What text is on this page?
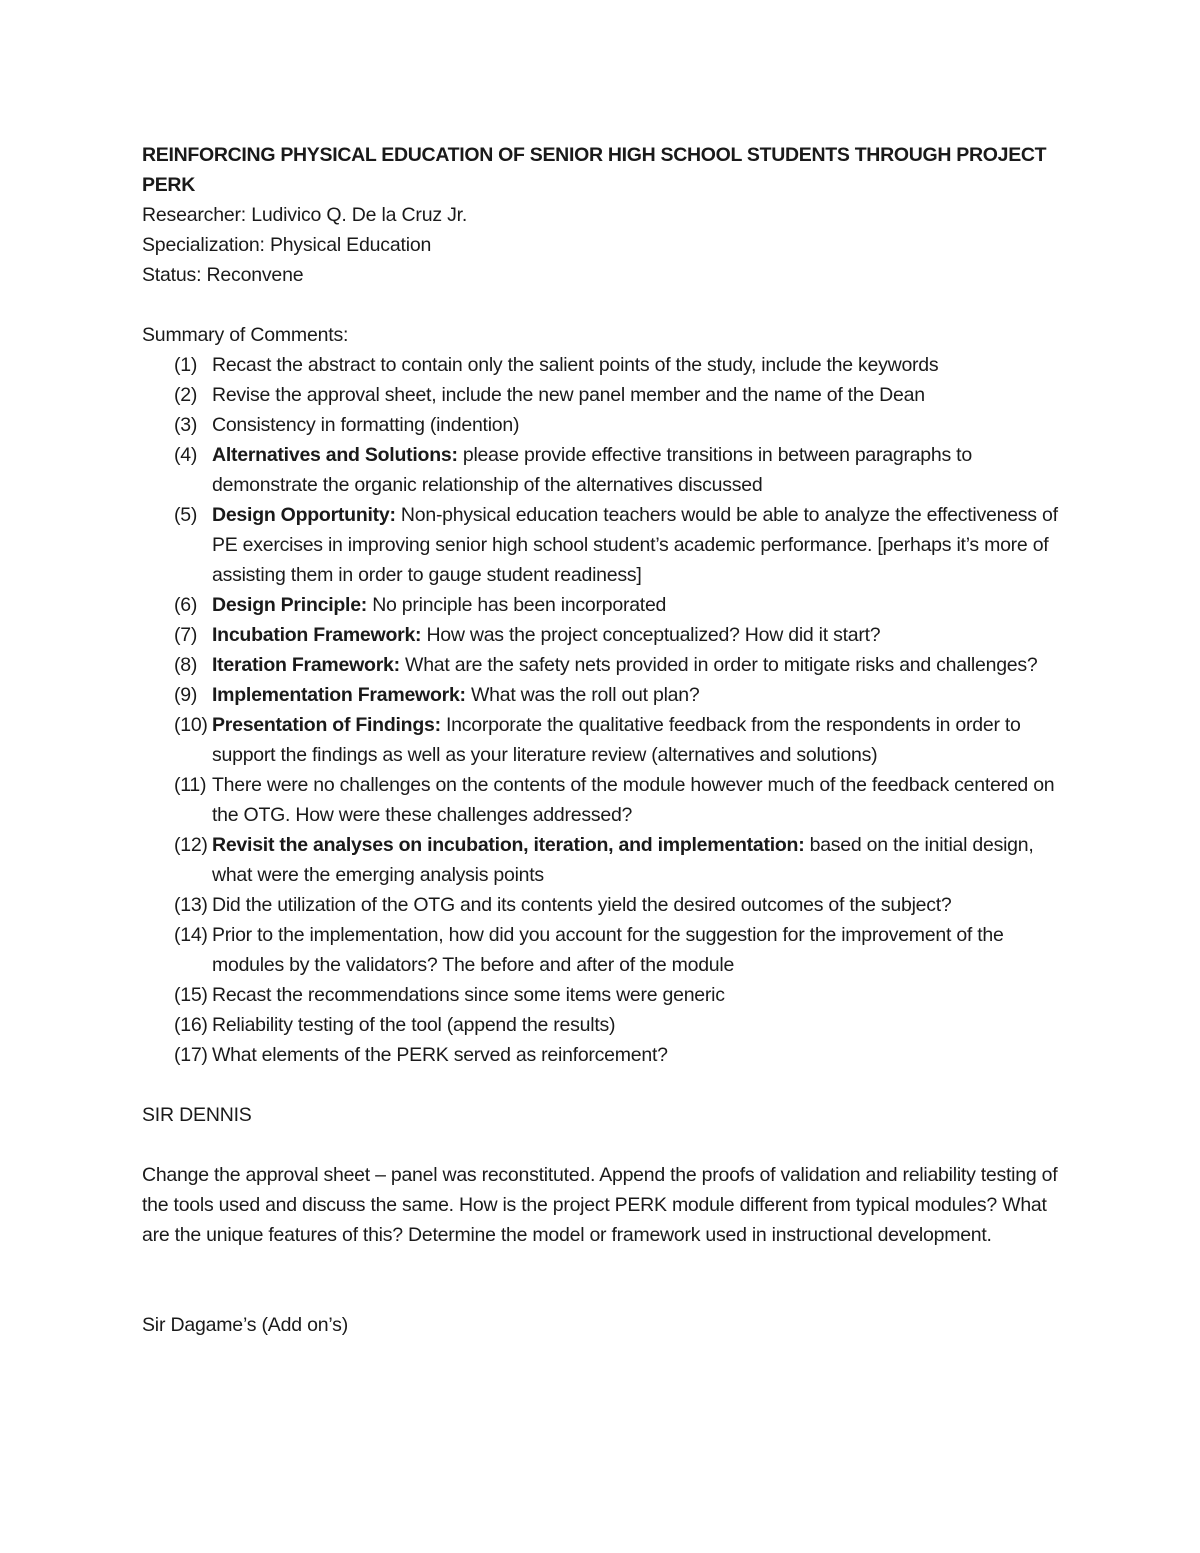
REINFORCING PHYSICAL EDUCATION OF SENIOR HIGH SCHOOL STUDENTS THROUGH PROJECT PERK

Researcher: Ludivico Q. De la Cruz Jr.

Specialization: Physical Education

Status: Reconvene

Summary of Comments:

(1) Recast the abstract to contain only the salient points of the study, include the keywords
(2) Revise the approval sheet, include the new panel member and the name of the Dean
(3) Consistency in formatting (indention)
(4) Alternatives and Solutions: please provide effective transitions in between paragraphs to demonstrate the organic relationship of the alternatives discussed
(5) Design Opportunity: Non-physical education teachers would be able to analyze the effectiveness of PE exercises in improving senior high school student’s academic performance. [perhaps it’s more of assisting them in order to gauge student readiness]
(6) Design Principle: No principle has been incorporated
(7) Incubation Framework: How was the project conceptualized? How did it start?
(8) Iteration Framework: What are the safety nets provided in order to mitigate risks and challenges?
(9) Implementation Framework: What was the roll out plan?
(10) Presentation of Findings: Incorporate the qualitative feedback from the respondents in order to support the findings as well as your literature review (alternatives and solutions)
(11) There were no challenges on the contents of the module however much of the feedback centered on the OTG. How were these challenges addressed?
(12) Revisit the analyses on incubation, iteration, and implementation: based on the initial design, what were the emerging analysis points
(13) Did the utilization of the OTG and its contents yield the desired outcomes of the subject?
(14) Prior to the implementation, how did you account for the suggestion for the improvement of the modules by the validators? The before and after of the module
(15) Recast the recommendations since some items were generic
(16) Reliability testing of the tool (append the results)
(17) What elements of the PERK served as reinforcement?

SIR DENNIS

Change the approval sheet – panel was reconstituted. Append the proofs of validation and reliability testing of the tools used and discuss the same. How is the project PERK module different from typical modules? What are the unique features of this? Determine the model or framework used in instructional development.

Sir Dagame’s (Add on’s)
